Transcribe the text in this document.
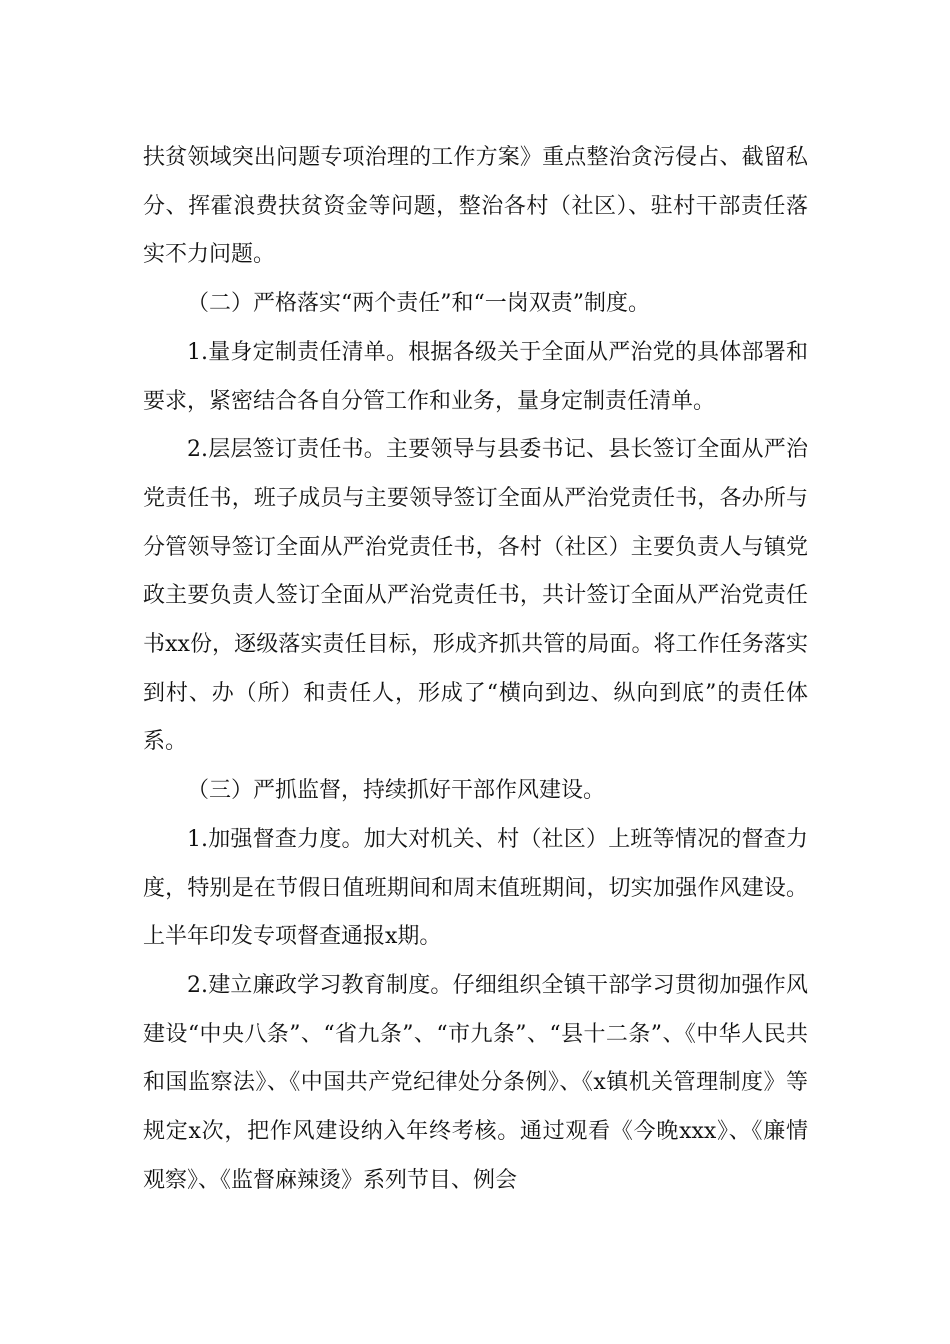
扶贫领域突出问题专项治理的工作方案》重点整治贪污侵占、截留私分、挥霍浪费扶贫资金等问题，整治各村（社区）、驻村干部责任落实不力问题。

（二）严格落实“两个责任”和“一岗双责”制度。

1.量身定制责任清单。根据各级关于全面从严治党的具体部署和要求，紧密结合各自分管工作和业务，量身定制责任清单。

2.层层签订责任书。主要领导与县委书记、县长签订全面从严治党责任书，班子成员与主要领导签订全面从严治党责任书，各办所与分管领导签订全面从严治党责任书，各村（社区）主要负责人与镇党政主要负责人签订全面从严治党责任书，共计签订全面从严治党责任书xx份，逐级落实责任目标，形成齐抓共管的局面。将工作任务落实到村、办（所）和责任人，形成了“横向到边、纵向到底”的责任体系。

（三）严抓监督，持续抓好干部作风建设。

1.加强督查力度。加大对机关、村（社区）上班等情况的督查力度，特别是在节假日值班期间和周末值班期间，切实加强作风建设。上半年印发专项督查通报x期。

2.建立廉政学习教育制度。仔细组织全镇干部学习贯彻加强作风建设“中央八条”、“省九条”、“市九条”、“县十二条”、《中华人民共和国监察法》、《中国共产党纪律处分条例》、《x镇机关管理制度》等规定x次，把作风建设纳入年终考核。通过观看《今晚xxx》、《廉情观察》、《监督麻辣烫》系列节目、例会
